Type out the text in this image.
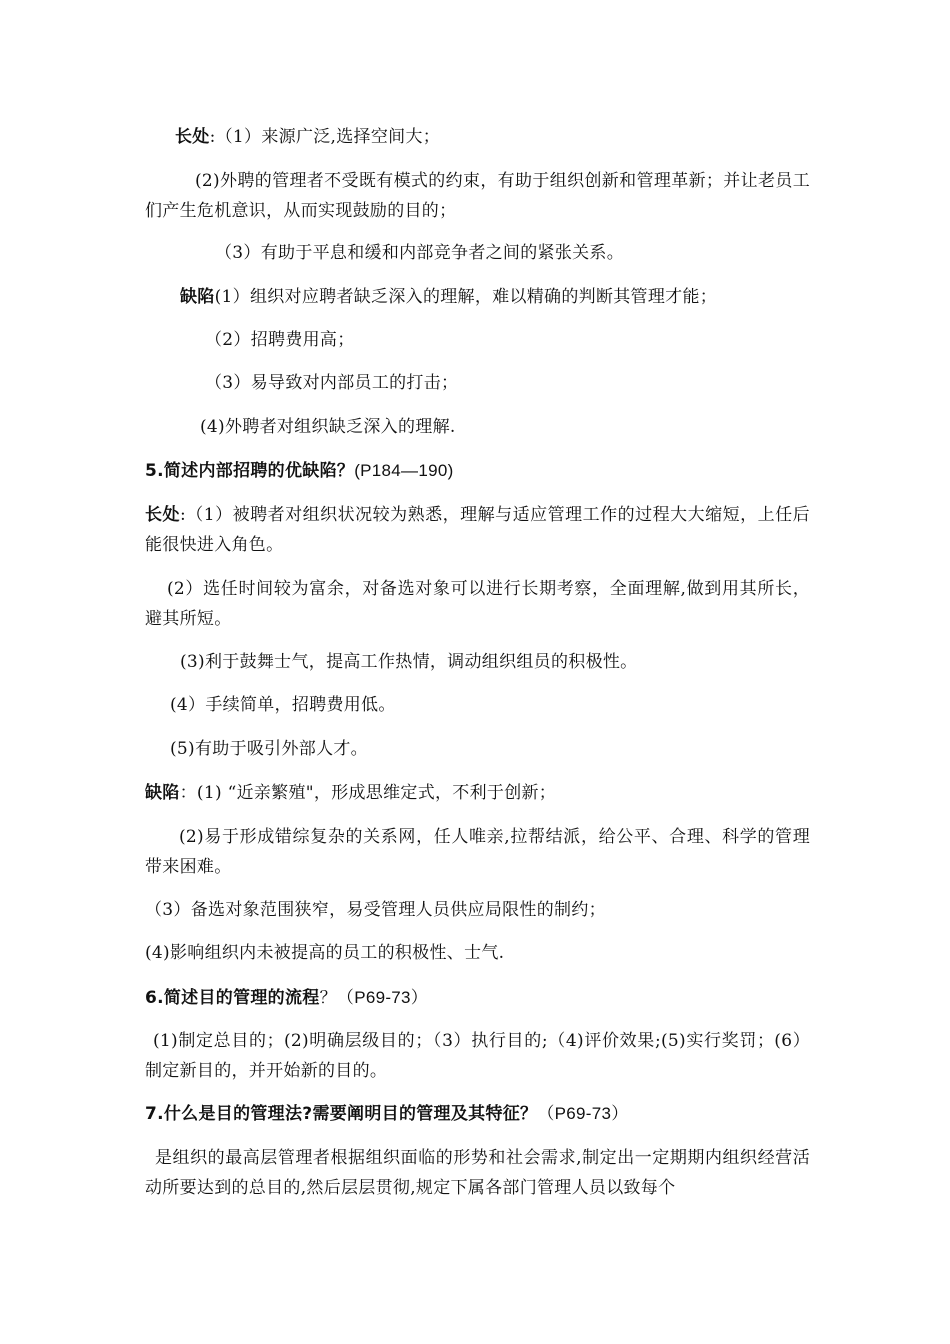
长处:（1）来源广泛,选择空间大；
(2)外聘的管理者不受既有模式的约束，有助于组织创新和管理革新；并让老员工们产生危机意识，从而实现鼓励的目的；
（3）有助于平息和缓和内部竞争者之间的紧张关系。
缺陷(1）组织对应聘者缺乏深入的理解，难以精确的判断其管理才能；
（2）招聘费用高；
（3）易导致对内部员工的打击；
(4)外聘者对组织缺乏深入的理解.
5.简述内部招聘的优缺陷？(P184—190)
长处:（1）被聘者对组织状况较为熟悉，理解与适应管理工作的过程大大缩短，上任后能很快进入角色。
(2）选任时间较为富余，对备选对象可以进行长期考察，全面理解,做到用其所长，避其所短。
(3)利于鼓舞士气，提高工作热情，调动组织组员的积极性。
(4）手续简单，招聘费用低。
(5)有助于吸引外部人才。
缺陷：(1) “近亲繁殖"，形成思维定式，不利于创新；
(2)易于形成错综复杂的关系网，任人唯亲,拉帮结派，给公平、合理、科学的管理带来困难。
（3）备选对象范围狭窄，易受管理人员供应局限性的制约；
(4)影响组织内未被提高的员工的积极性、士气.
6.简述目的管理的流程？（P69-73）
(1)制定总目的；(2)明确层级目的；（3）执行目的;（4)评价效果;(5)实行奖罚；(6）制定新目的，并开始新的目的。
7.什么是目的管理法?需要阐明目的管理及其特征？（P69-73）
是组织的最高层管理者根据组织面临的形势和社会需求,制定出一定期期内组织经营活动所要达到的总目的,然后层层贯彻,规定下属各部门管理人员以致每个
